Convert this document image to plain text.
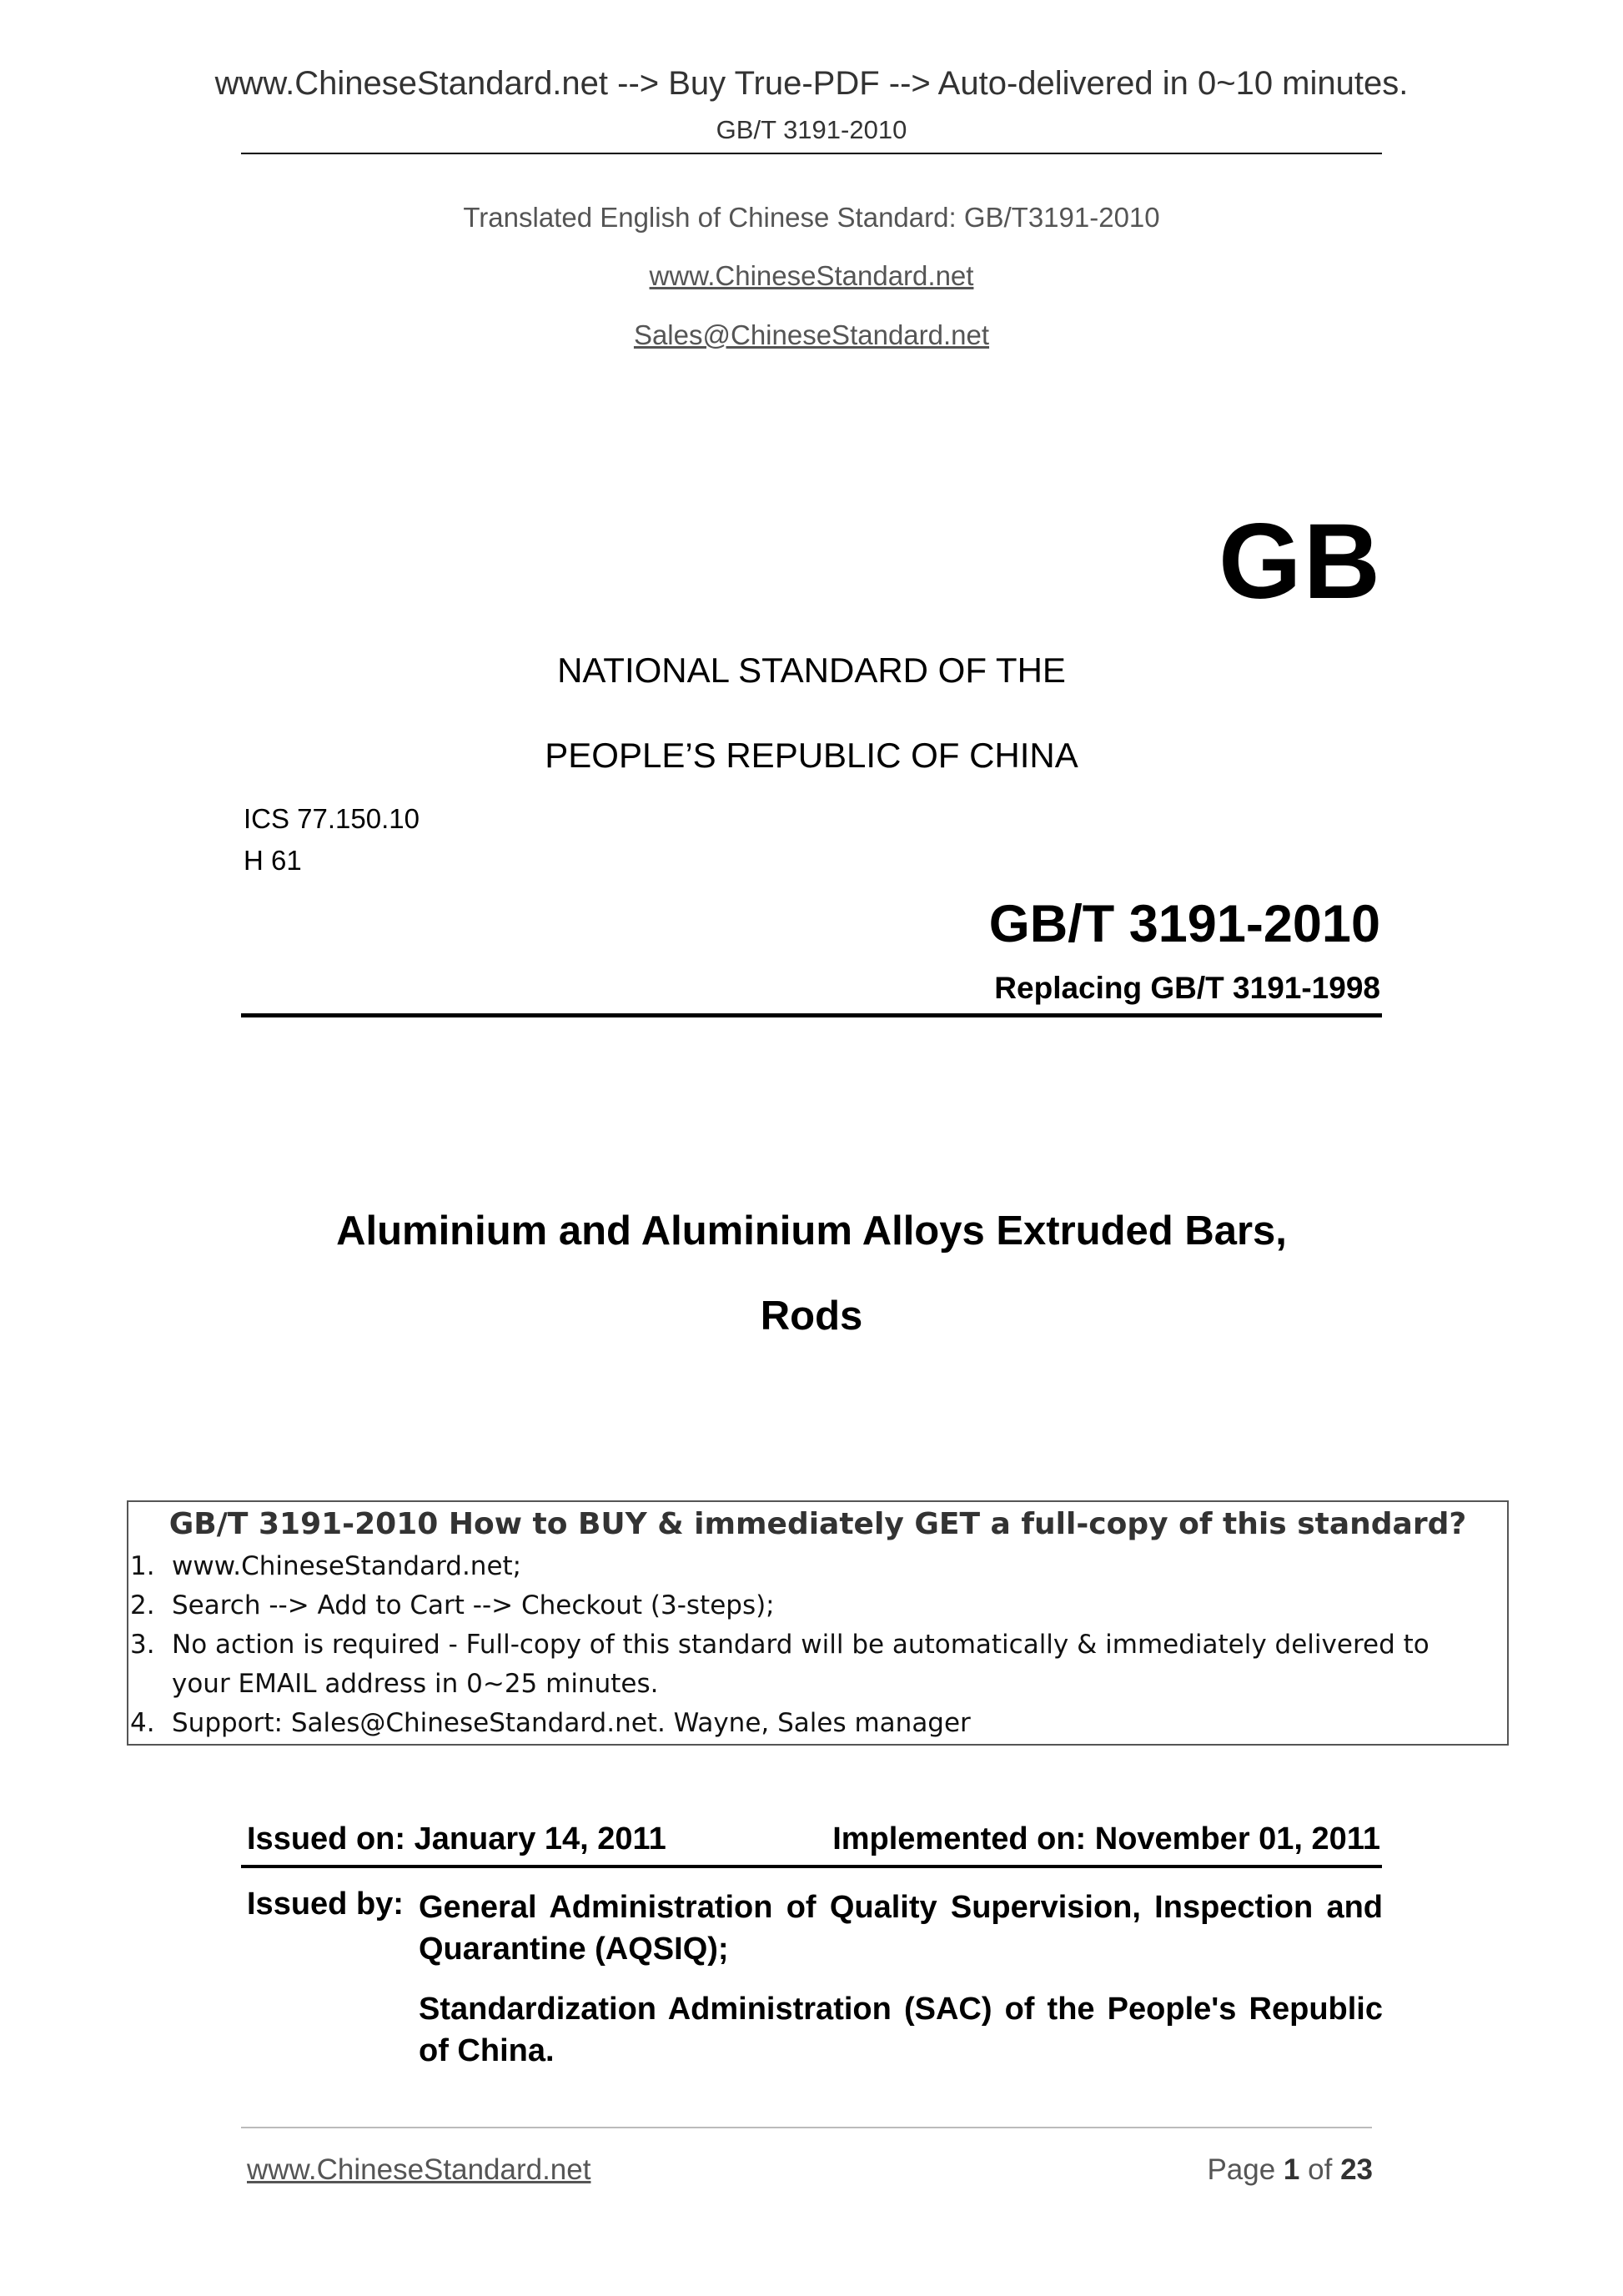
www.ChineseStandard.net --> Buy True-PDF --> Auto-delivered in 0~10 minutes.
GB/T 3191-2010
Translated English of Chinese Standard: GB/T3191-2010
www.ChineseStandard.net
Sales@ChineseStandard.net
GB
NATIONAL STANDARD OF THE
PEOPLE’S REPUBLIC OF CHINA
ICS 77.150.10
H 61
GB/T 3191-2010
Replacing GB/T 3191-1998
Aluminium and Aluminium Alloys Extruded Bars,
Rods
GB/T 3191-2010 How to BUY & immediately GET a full-copy of this standard?
1. www.ChineseStandard.net;
2. Search --> Add to Cart --> Checkout (3-steps);
3. No action is required - Full-copy of this standard will be automatically & immediately delivered to
your EMAIL address in 0~25 minutes.
4. Support: Sales@ChineseStandard.net. Wayne, Sales manager
Issued on: January 14, 2011	Implemented on: November 01, 2011
Issued by: General Administration of Quality Supervision, Inspection and Quarantine (AQSIQ);
Standardization Administration (SAC) of the People's Republic of China.
www.ChineseStandard.net	Page 1 of 23
